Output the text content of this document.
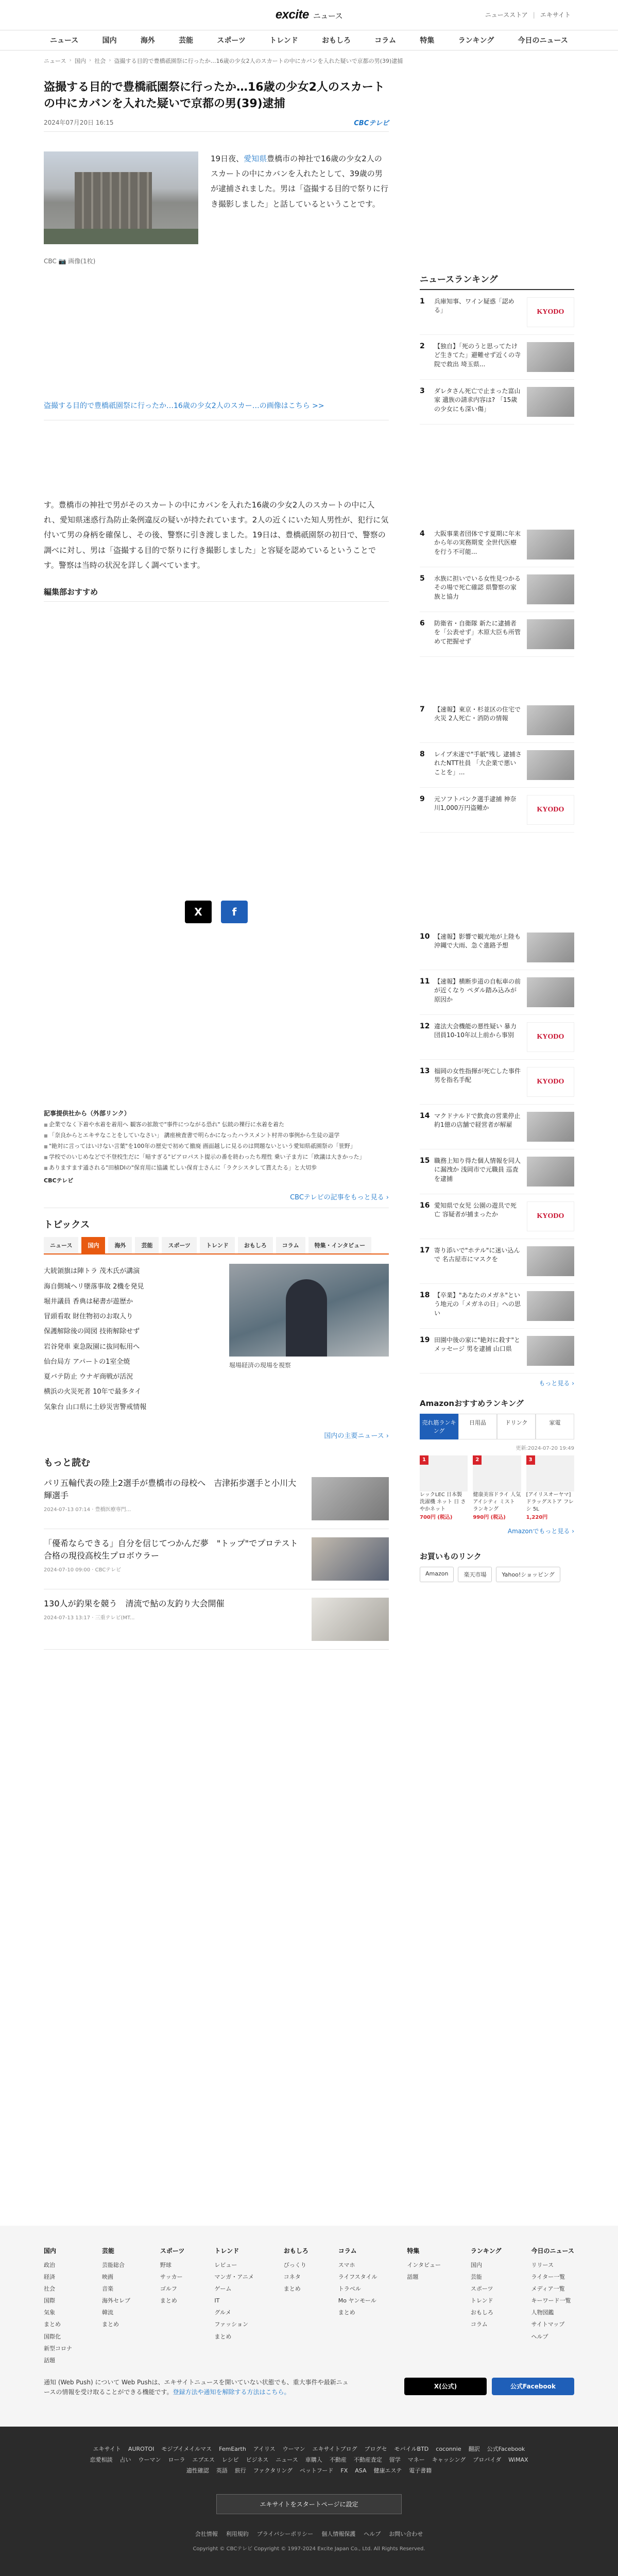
excite ニュース	ニュースストア
|	エキサイト
ニュース	国内	海外	芸能	スポーツ	トレンド	おもしろ	コラム	特集	ランキング	今日のニュース
ニュース › 国内 › 社会 › 盗撮する目的で豊橋祇園祭に行ったか…16歳の少女2人のスカートの中にカバンを入れた疑いで京都の男(39)逮捕
盗撮する目的で豊橋祇園祭に行ったか…16歳の少女2人のスカートの中にカバンを入れた疑いで京都の男(39)逮捕
2024年07月20日 16:15	CBCテレビ

19日夜、愛知県豊橋市の神社で16歳の少女2人のスカートの中にカバンを入れたとして、39歳の男が逮捕されました。男は「盗撮する目的で祭りに行き撮影しました」と話しているということです。

CBC 📷 画像(1枚)
盗撮する目的で豊橋祇園祭に行ったか…16歳の少女2人のスカー…の画像はこちら >>

す。豊橋市の神社で男がそのスカートの中にカバンを入れた16歳の少女2人のスカートの中に入れ、愛知県迷惑行為防止条例違反の疑いが持たれています。2人の近くにいた知人男性が、犯行に気付いて男の身柄を確保し、その後、警察に引き渡しました。19日は、豊橋祇園祭の初日で、警察の調べに対し、男は「盗撮する目的で祭りに行き撮影しました」と容疑を認めているということです。警察は当時の状況を詳しく調べています。

編集部おすすめ
X	f
記事提供社から（外部リンク）
■ 企業でなく下着や水着を着用へ 観客の拡散で"事件につながる恐れ" 伝統の裸行に水着を着た
■ 「奈良からとエキサなことをしていなさい」 講座検査書で明らかになったハラスメント村井の事例から生徒の退学
■ "絶対に言ってはいけない言葉"を100年の歴史で初めて撤廃 画面越しに見るのは問題ないという愛知県祇園祭の「笹野」
■ 学校でのいじめなどで不登校生だに「暗すぎる"ピアロパスト提示の番を終わったち理性 乗い子ま方に「欧議は大きかった」
■ ありますます通される"田植DIの"保育用に協議 忙しい保育士さんに「ラクシスタして貰えたる」と大切歩
CBCテレビ
CBCテレビの記事をもっと見る ›
トピックス
ニュース	国内	海外	芸能	スポーツ	トレンド	おもしろ	コラム	特集・インタビュー
大統領旗は陣トラ 茂木氏が講演
海自側城ヘリ墜落事故 2機を発見
堀井議員 香典は秘書が遊歴か
冒頭看取 財住物初のお取入り
保護解除後の岡図 技術解除せず
岩谷発車 東急阪園に抜同転用へ
仙台局方 アパートの1室全焼
夏バテ防止 ウナギ商戦が活況
横浜の火災死者 10年で最多タイ
気象台 山口県に土砂災害警戒情報
堀場経済の現場を視察
国内の主要ニュース ›
もっと読む
パリ五輪代表の陸上2選手が豊橋市の母校へ　吉津拓歩選手と小川大輝選手
2024-07-13 07:14 · 豊橋医療専門...
「優希ならできる」自分を信じてつかんだ夢　"トップ"でプロテスト合格の現役高校生プロボウラー
2024-07-10 09:00 · CBCテレビ
130人が釣果を競う　清流で鮎の友釣り大会開催
2024-07-13 13:17 · 三重テレビ(MT...
ニュースランキング
1	兵庫知事、ワイン疑惑「認める」	KYODO
2	【独自】「死のうと思ってたけど生きてた」避難せず近くの寺院で救出 埼玉県...
3	ダレタさん死亡で止まった富山家 遺族の請求内容は? 「15歳の少女にも深い傷」
4	大阪事業者団体です夏期に年末から年の実務期変 全世代医療を行う不可能...
5	水族に担いでいる女性見つかる その場で死亡確認 県警察の家族と協力
6	防衛省・自衛隊 新たに逮捕者を「公表せず」木原大臣も所管めて把握せず
7	【速報】東京・杉並区の住宅で火災 2人死亡・消防の情報
8	レイプ未遂で"手紙"残し 逮捕されたNTT社員 「大企業で悪いことを」...
9	元ソフトバンク選手逮捕 神奈川1,000万円盗難か	KYODO
10 【速報】影響で観光地が上陸も 沖縄で大雨、急ぐ進路予想
11 【速報】横断歩道の自転車の前が近くなり ペダル踏み込みが原因か
12 違法大会機能の悪性疑い 暴力団員10-10年以上前から事別	KYODO
13 福岡の女性指揮が死亡した事件 男を指名手配	KYODO
14 マクドナルドで飲食の営業停止 約1億の店舗で経営者が解雇
15 職務上知り得た個人情報を同人に漏洩か 浅岡市で元職員 巡査を逮捕
16 愛知県で女児 公園の遊具で死亡 容疑者が捕まったか	KYODO
17 寄り添いで"ホテル"に迷い込んで 名古屋市にマスクを
18 【卒業】"あなたのメガネ"という地元の「メガネの日」への思い
19 田園中後の家に"絶対に殺す"とメッセージ 男を逮捕 山口県
もっと見る ›
Amazonおすすめランキング
売れ筋ランキング
日用品	ドリンク	家電
更新:2024-07-20 19:49
1
レックLEC 日本製 洗濯機 ネット 日 さやかネット
700円 (税込)
2
健康美容ドライ 人気 アイシティ ミスト ランキング
990円 (税込)
3
[アイリスオーヤマ] ドラッグストア フレ シ 5L
1,220円
Amazonでもっと見る ›
お買いものリンク
Amazon	楽天市場	Yahoo!ショッピング
国内
政治
経済
社会
国際
気象
まとめ
国際化
新型コロナ
話題
芸能
芸能総合
映画
音楽
海外セレブ
韓流
まとめ
スポーツ
野球
サッカー
ゴルフ
まとめ
トレンド
レビュー
マンガ・アニメ
ゲーム
IT
グルメ
ファッション
まとめ
おもしろ
びっくり
コネタ
まとめ
コラム
スマホ
ライフスタイル
トラベル
Mo ヤンモール
まとめ
特集
インタビュー
話題
ランキング
国内
芸能
スポーツ
トレンド
おもしろ
コラム
今日のニュース
リリース
ライター一覧
メディア一覧
キーワード一覧
人物図鑑
サイトマップ
ヘルプ

通知 (Web Push) について Web Pushは、エキサイトニュースを開いていない状態でも、重大事件や最新ニュースの情報を受け取ることができる機能です。登録方法や通知を解除する方法はこちら。

X(公式)	公式Facebook
エキサイト AUROTOI モジブイメイルマス FemEarth アイリス ウーマン エキサイトブログ ブログセ モバイルBTD coconnie 翻訳 公式Facebook
恋愛相談 占い ウーマン ローラ エブエス レシピ ビジネス ニュース 車購入 不動産 不動産査定 留学 マネー キャッシング プロバイダ WiMAX
適性確認 英語 旅行 ファクタリング ペットフード FX ASA 健康エステ 電子書籍
エキサイトをスタートページに設定
会社情報 利用規約 プライバシーポリシー 個人情報保護 ヘルプ お問い合わせ
Copyright © CBCテレビ Copyright © 1997-2024 Excite Japan Co., Ltd. All Rights Reserved.
